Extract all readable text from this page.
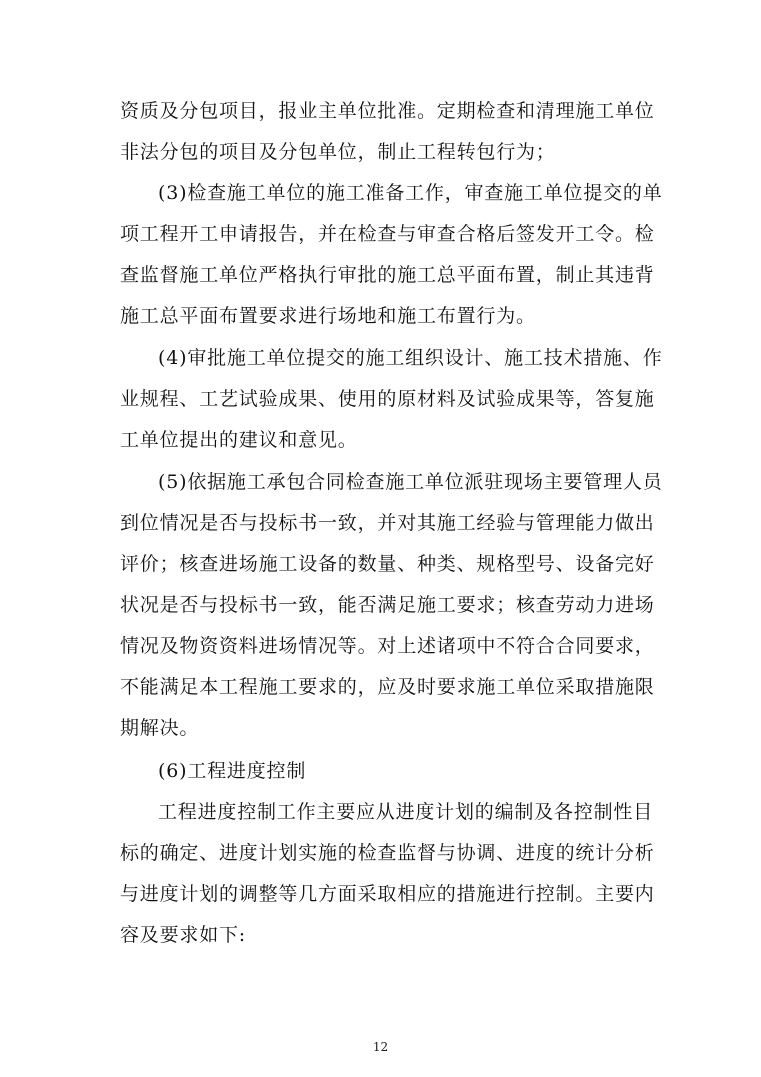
资质及分包项目，报业主单位批准。定期检查和清理施工单位
非法分包的项目及分包单位，制止工程转包行为；
(3)检查施工单位的施工准备工作，审查施工单位提交的单
项工程开工申请报告，并在检查与审查合格后签发开工令。检
查监督施工单位严格执行审批的施工总平面布置，制止其违背
施工总平面布置要求进行场地和施工布置行为。
(4)审批施工单位提交的施工组织设计、施工技术措施、作
业规程、工艺试验成果、使用的原材料及试验成果等，答复施
工单位提出的建议和意见。
(5)依据施工承包合同检查施工单位派驻现场主要管理人员
到位情况是否与投标书一致，并对其施工经验与管理能力做出
评价；核查进场施工设备的数量、种类、规格型号、设备完好
状况是否与投标书一致，能否满足施工要求；核查劳动力进场
情况及物资资料进场情况等。对上述诸项中不符合合同要求，
不能满足本工程施工要求的，应及时要求施工单位采取措施限
期解决。
(6)工程进度控制
工程进度控制工作主要应从进度计划的编制及各控制性目
标的确定、进度计划实施的检查监督与协调、进度的统计分析
与进度计划的调整等几方面采取相应的措施进行控制。主要内
容及要求如下:
12
